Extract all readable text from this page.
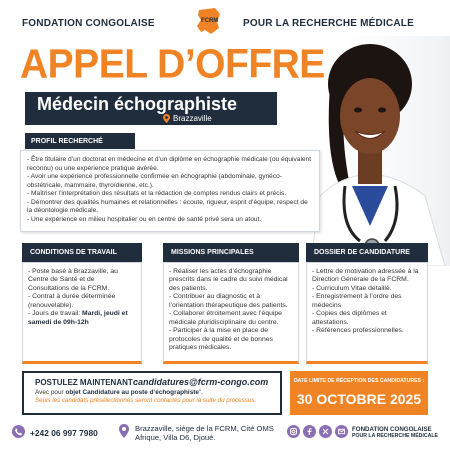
FONDATION CONGOLAISE	FCRM POUR LA RECHERCHE MÉDICALE
APPEL D’OFFRE
Médecin échographiste
Brazzaville
PROFIL RECHERCHÉ

- Être titulaire d’un doctorat en médecine et d’un diplôme en échographie médicale (ou équivalent reconnu) ou une expérience pratique avérée.

- Avoir une expérience professionnelle confirmée en échographie (abdominale, gynéco-obstétricale, mammaire, thyroïdienne, etc.).

- Maîtriser l’interprétation des résultats et la rédaction de comptes rendus clairs et précis.

- Démontrer des qualités humaines et relationnelles : écoute, rigueur, esprit d’équipe, respect de la déontologie médicale.

- Une expérience en milieu hospitalier ou en centre de santé privé sera un atout.

CONDITIONS DE TRAVAIL

- Poste basé à Brazzaville, au Centre de Santé et de Consultations de la FCRM.

- Contrat à durée déterminée (renouvelable).

- Jours de travail: Mardi, jeudi et samedi de 09h-12h

MISSIONS PRINCIPALES

- Réaliser les actes d’échographie prescrits dans le cadre du suivi médical des patients.

- Contribuer au diagnostic et à l’orientation thérapeutique des patients.

- Collaborer étroitement avec l’équipe médicale pluridisciplinaire du centre.

- Participer à la mise en place de protocoles de qualité et de bonnes pratiques médicales.

DOSSIER DE CANDIDATURE

- Lettre de motivation adressée à la Direction Générale de la FCRM.

- Curriculum Vitae détaillé.

- Enregistrement à l’ordre des médecins

- Copies des diplômes et attestations.

- Références professionnelles.

POSTULEZ MAINTENANT :
candidatures@fcrm-congo.com
Avec pour objet Candidature au poste d’échographiste”.
Seuls les candidats présélectionnés seront contactés pour la suite du processus.
DATE LIMITE DE RÉCEPTION DES CANDIDATURES :
30 OCTOBRE 2025
+242 06 997 7980	Brazzaville, siège de la FCRM, Cité OMS Afrique, Villa D6, Djoué.
FONDATION CONGOLAISE
POUR LA RECHERCHE MÉDICALE
